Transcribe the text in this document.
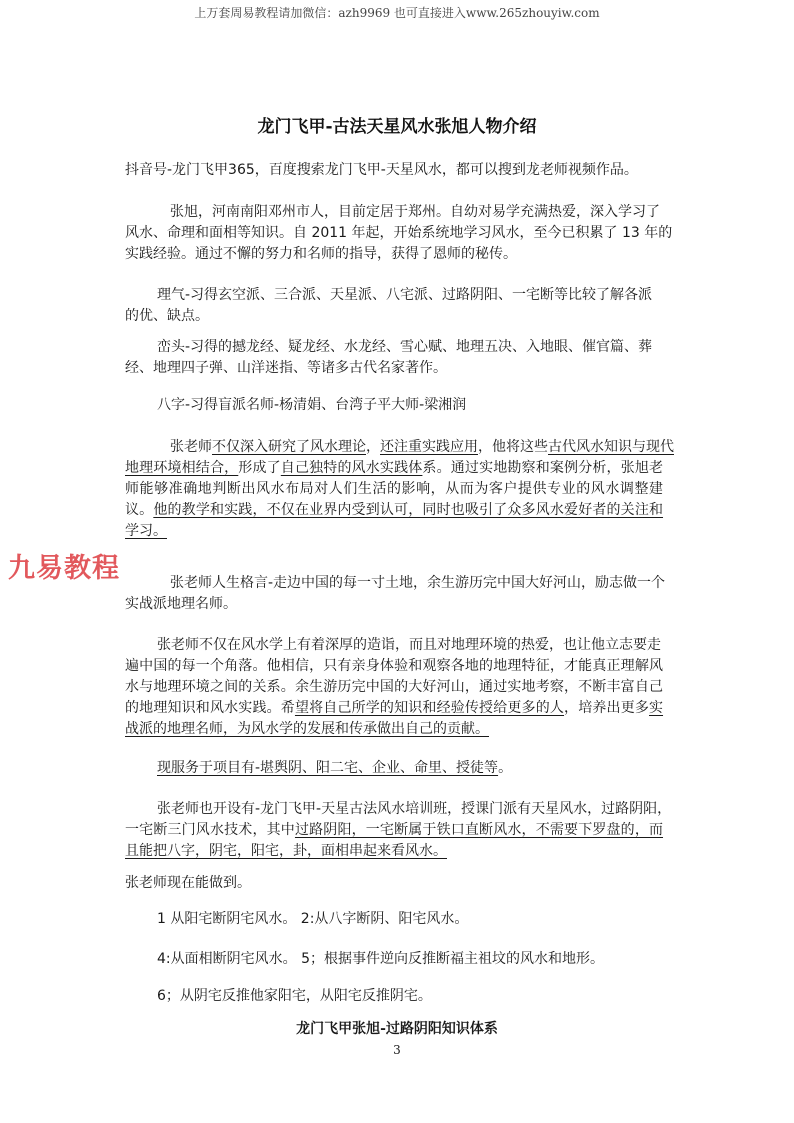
上万套周易教程请加微信：azh9969 也可直接进入www.265zhouyiw.com
龙门飞甲-古法天星风水张旭人物介绍
抖音号-龙门飞甲365，百度搜索龙门飞甲-天星风水，都可以搜到龙老师视频作品。
张旭，河南南阳邓州市人，目前定居于郑州。自幼对易学充满热爱，深入学习了
风水、命理和面相等知识。自 2011 年起，开始系统地学习风水，至今已积累了 13 年的
实践经验。通过不懈的努力和名师的指导，获得了恩师的秘传。
理气-习得玄空派、三合派、天星派、八宅派、过路阴阳、一宅断等比较了解各派
的优、缺点。
峦头-习得的撼龙经、疑龙经、水龙经、雪心赋、地理五决、入地眼、催官篇、葬
经、地理四子弹、山洋迷指、等诸多古代名家著作。
八字-习得盲派名师-杨清娟、台湾子平大师-梁湘润
张老师不仅深入研究了风水理论，还注重实践应用，他将这些古代风水知识与现代
地理环境相结合，形成了自己独特的风水实践体系。通过实地勘察和案例分析，张旭老
师能够准确地判断出风水布局对人们生活的影响，从而为客户提供专业的风水调整建
议。他的教学和实践，不仅在业界内受到认可，同时也吸引了众多风水爱好者的关注和
学习。
张老师人生格言-走边中国的每一寸土地，余生游历完中国大好河山，励志做一个
实战派地理名师。
张老师不仅在风水学上有着深厚的造诣，而且对地理环境的热爱，也让他立志要走
遍中国的每一个角落。他相信，只有亲身体验和观察各地的地理特征，才能真正理解风
水与地理环境之间的关系。余生游历完中国的大好河山，通过实地考察，不断丰富自己
的地理知识和风水实践。希望将自己所学的知识和经验传授给更多的人，培养出更多实
战派的地理名师，为风水学的发展和传承做出自己的贡献。
现服务于项目有-堪舆阴、阳二宅、企业、命里、授徒等。
张老师也开设有-龙门飞甲-天星古法风水培训班，授课门派有天星风水，过路阴阳，
一宅断三门风水技术，其中过路阴阳，一宅断属于铁口直断风水，不需要下罗盘的，而
且能把八字，阴宅，阳宅，卦，面相串起来看风水。
张老师现在能做到。
1 从阳宅断阴宅风水。 2:从八字断阴、阳宅风水。
4:从面相断阴宅风水。 5；根据事件逆向反推断福主祖坟的风水和地形。
6；从阴宅反推他家阳宅，从阳宅反推阴宅。
九易教程
龙门飞甲张旭-过路阴阳知识体系
3
